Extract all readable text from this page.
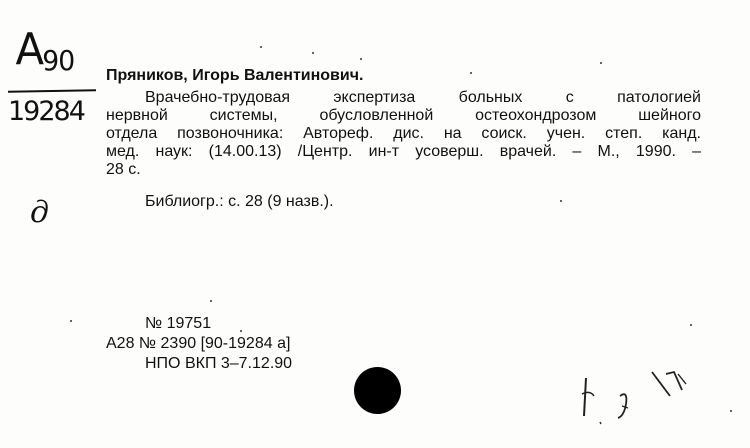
А90
19284
д
Пряников, Игорь Валентинович.
Врачебно-трудовая экспертиза больных с патологией
нервной системы, обусловленной остеохондрозом шейного
отдела позвоночника: Автореф. дис. на соиск. учен. степ. канд.
мед. наук: (14.00.13) /Центр. ин-т усоверш. врачей. – М., 1990. –
28 с.
Библиогр.: с. 28 (9 назв.).
№ 19751
А28 № 2390 [90-19284 а]
НПО ВКП 3–7.12.90
